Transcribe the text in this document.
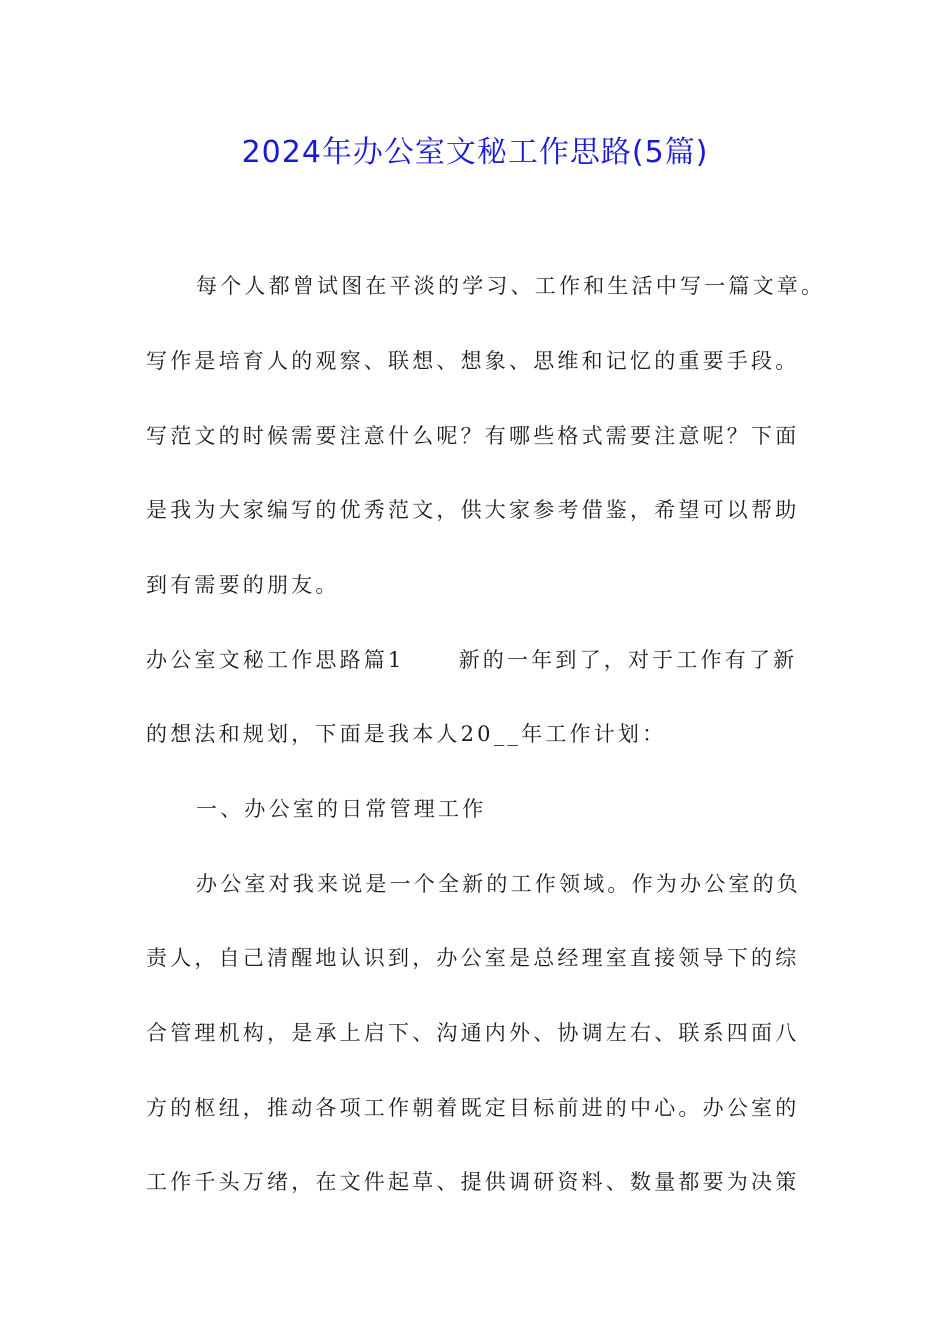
2024年办公室文秘工作思路(5篇)
每个人都曾试图在平淡的学习、工作和生活中写一篇文章。
写作是培育人的观察、联想、想象、思维和记忆的重要手段。
写范文的时候需要注意什么呢？有哪些格式需要注意呢？下面
是我为大家编写的优秀范文，供大家参考借鉴，希望可以帮助
到有需要的朋友。
办公室文秘工作思路篇1	新的一年到了，对于工作有了新
的想法和规划，下面是我本人20__年工作计划：
一、办公室的日常管理工作
办公室对我来说是一个全新的工作领域。作为办公室的负
责人，自己清醒地认识到，办公室是总经理室直接领导下的综
合管理机构，是承上启下、沟通内外、协调左右、联系四面八
方的枢纽，推动各项工作朝着既定目标前进的中心。办公室的
工作千头万绪，在文件起草、提供调研资料、数量都要为决策
